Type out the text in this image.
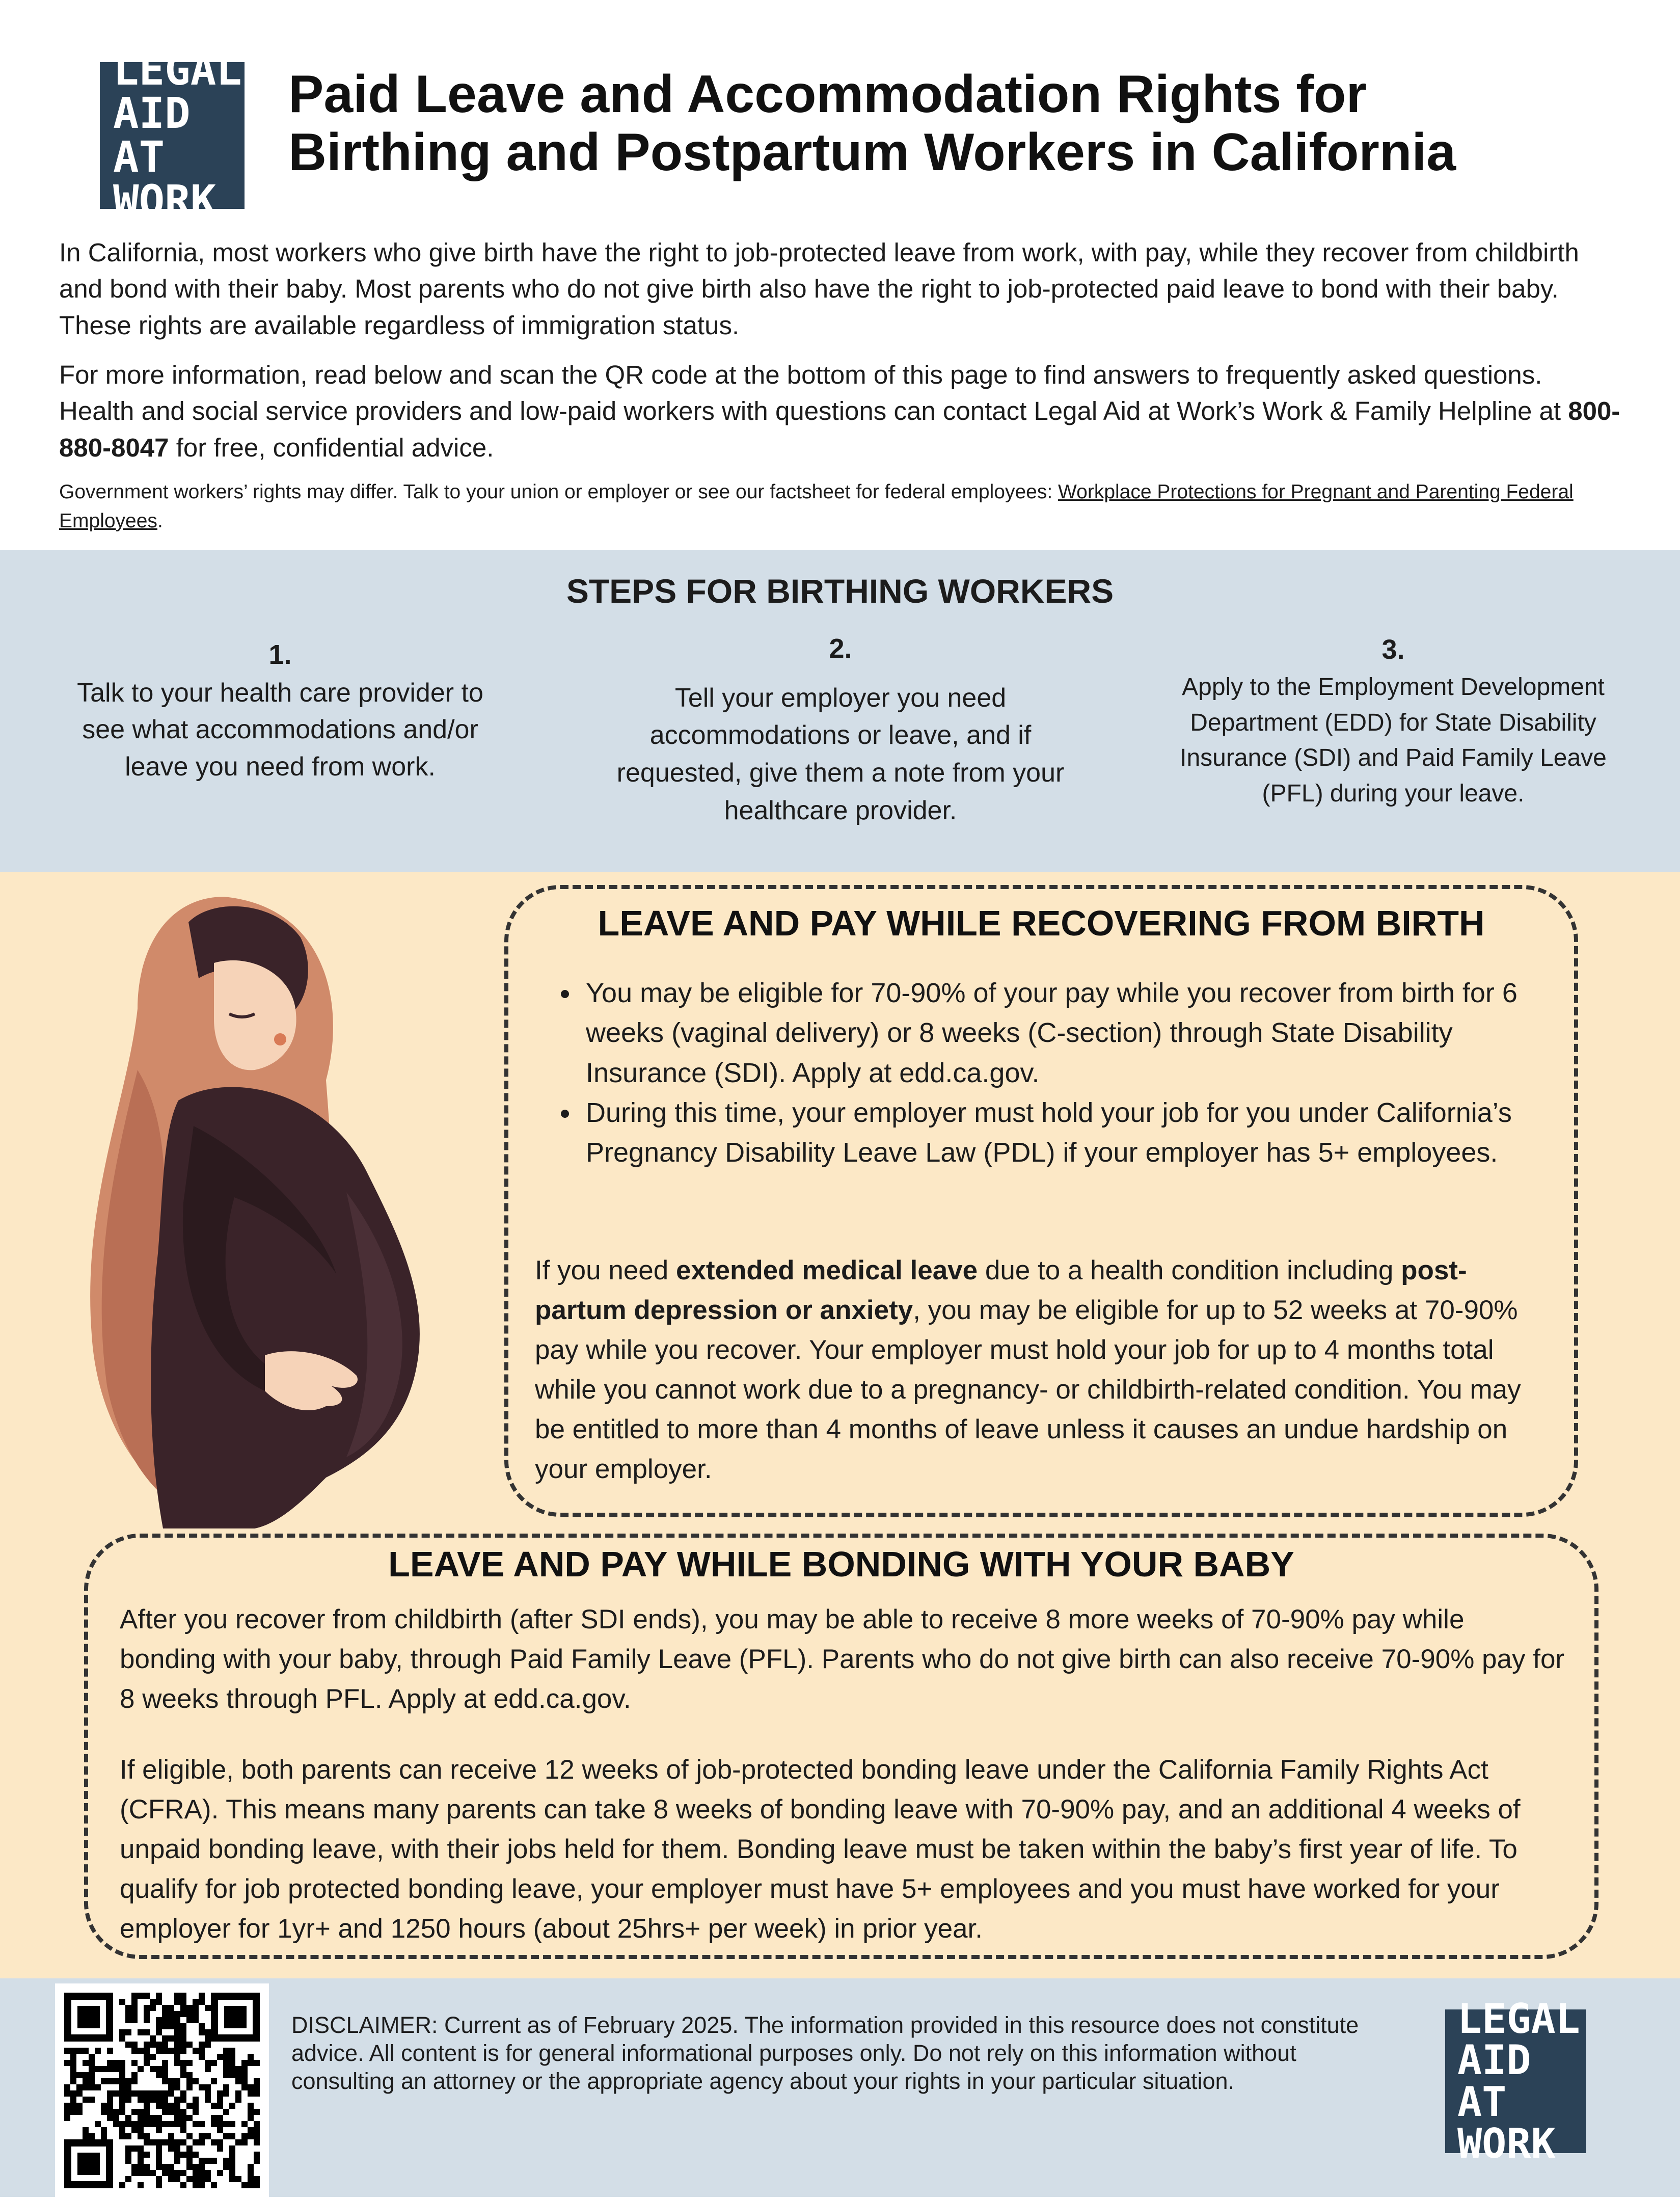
LEGAL
AID AT
WORK
Paid Leave and Accommodation Rights for
Birthing and Postpartum Workers in California
In California, most workers who give birth have the right to job-protected leave from work, with pay, while they recover from childbirth and bond with their baby. Most parents who do not give birth also have the right to job-protected paid leave to bond with their baby. These rights are available regardless of immigration status.
For more information, read below and scan the QR code at the bottom of this page to find answers to frequently asked questions. Health and social service providers and low-paid workers with questions can contact Legal Aid at Work’s Work & Family Helpline at 800-880-8047 for free, confidential advice.
Government workers’ rights may differ. Talk to your union or employer or see our factsheet for federal employees: Workplace Protections for Pregnant and Parenting Federal Employees.
STEPS FOR BIRTHING WORKERS
1.
Talk to your health care provider to see what accommodations and/or leave you need from work.
2.
Tell your employer you need accommodations or leave, and if requested, give them a note from your healthcare provider.
3.
Apply to the Employment Development Department (EDD) for State Disability Insurance (SDI) and Paid Family Leave (PFL) during your leave.
LEAVE AND PAY WHILE RECOVERING FROM BIRTH
• You may be eligible for 70-90% of your pay while you recover from birth for 6 weeks (vaginal delivery) or 8 weeks (C-section) through State Disability Insurance (SDI). Apply at edd.ca.gov.
• During this time, your employer must hold your job for you under California’s Pregnancy Disability Leave Law (PDL) if your employer has 5+ employees.
If you need extended medical leave due to a health condition including post-partum depression or anxiety, you may be eligible for up to 52 weeks at 70-90% pay while you recover. Your employer must hold your job for up to 4 months total while you cannot work due to a pregnancy- or childbirth-related condition. You may be entitled to more than 4 months of leave unless it causes an undue hardship on your employer.
LEAVE AND PAY WHILE BONDING WITH YOUR BABY
After you recover from childbirth (after SDI ends), you may be able to receive 8 more weeks of 70-90% pay while bonding with your baby, through Paid Family Leave (PFL). Parents who do not give birth can also receive 70-90% pay for 8 weeks through PFL. Apply at edd.ca.gov.
If eligible, both parents can receive 12 weeks of job-protected bonding leave under the California Family Rights Act (CFRA). This means many parents can take 8 weeks of bonding leave with 70-90% pay, and an additional 4 weeks of unpaid bonding leave, with their jobs held for them. Bonding leave must be taken within the baby’s first year of life. To qualify for job protected bonding leave, your employer must have 5+ employees and you must have worked for your employer for 1yr+ and 1250 hours (about 25hrs+ per week) in prior year.
DISCLAIMER: Current as of February 2025. The information provided in this resource does not constitute advice. All content is for general informational purposes only. Do not rely on this information without consulting an attorney or the appropriate agency about your rights in your particular situation.
LEGAL
AID AT
WORK
